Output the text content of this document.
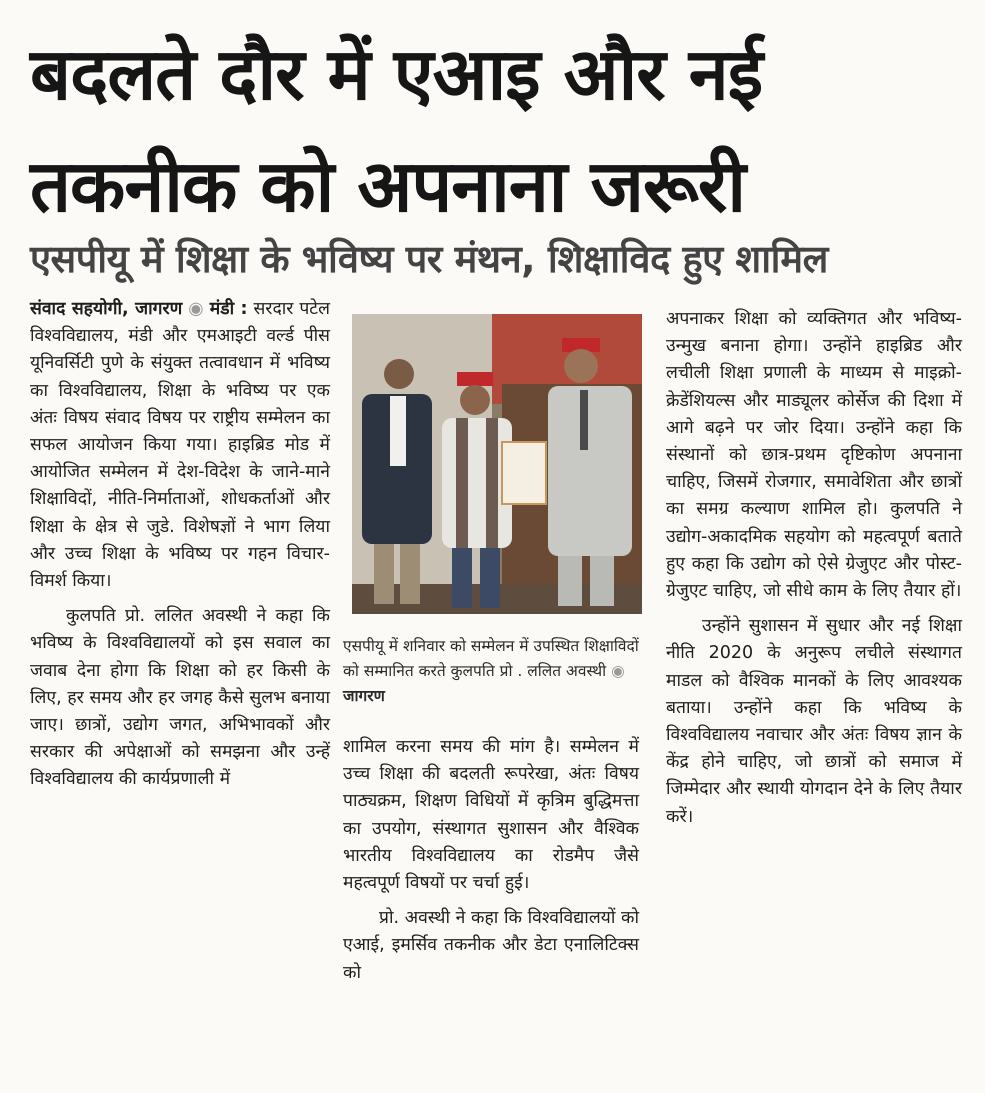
बदलते दौर में एआइ और नई
तकनीक को अपनाना जरूरी
एसपीयू में शिक्षा के भविष्य पर मंथन, शिक्षाविद हुए शामिल

संवाद सहयोगी, जागरण ◉ मंडी : सरदार पटेल विश्वविद्यालय, मंडी और एमआइटी वर्ल्ड पीस यूनिवर्सिटी पुणे के संयुक्त तत्वावधान में भविष्य का विश्वविद्यालय, शिक्षा के भविष्य पर एक अंतः विषय संवाद विषय पर राष्ट्रीय सम्मेलन का सफल आयोजन किया गया। हाइब्रिड मोड में आयोजित सम्मेलन में देश-विदेश के जाने-माने शिक्षाविदों, नीति-निर्माताओं, शोधकर्ताओं और शिक्षा के क्षेत्र से जुडे. विशेषज्ञों ने भाग लिया और उच्च शिक्षा के भविष्य पर गहन विचार-विमर्श किया।

कुलपति प्रो. ललित अवस्थी ने कहा कि भविष्य के विश्वविद्यालयों को इस सवाल का जवाब देना होगा कि शिक्षा को हर किसी के लिए, हर समय और हर जगह कैसे सुलभ बनाया जाए। छात्रों, उद्योग जगत, अभिभावकों और सरकार की अपेक्षाओं को समझना और उन्हें विश्वविद्यालय की कार्यप्रणाली में

एसपीयू में शनिवार को सम्मेलन में उपस्थित शिक्षाविदों को सम्मानित करते कुलपति प्रो . ललित अवस्थी ◉ जागरण

शामिल करना समय की मांग है। सम्मेलन में उच्च शिक्षा की बदलती रूपरेखा, अंतः विषय पाठ्यक्रम, शिक्षण विधियों में कृत्रिम बुद्धिमत्ता का उपयोग, संस्थागत सुशासन और वैश्विक भारतीय विश्वविद्यालय का रोडमैप जैसे महत्वपूर्ण विषयों पर चर्चा हुई।

प्रो. अवस्थी ने कहा कि विश्वविद्यालयों को एआई, इमर्सिव तकनीक और डेटा एनालिटिक्स को

अपनाकर शिक्षा को व्यक्तिगत और भविष्य-उन्मुख बनाना होगा। उन्होंने हाइब्रिड और लचीली शिक्षा प्रणाली के माध्यम से माइक्रो-क्रेडेंशियल्स और माड्यूलर कोर्सेज की दिशा में आगे बढ़ने पर जोर दिया। उन्होंने कहा कि संस्थानों को छात्र-प्रथम दृष्टिकोण अपनाना चाहिए, जिसमें रोजगार, समावेशिता और छात्रों का समग्र कल्याण शामिल हो। कुलपति ने उद्योग-अकादमिक सहयोग को महत्वपूर्ण बताते हुए कहा कि उद्योग को ऐसे ग्रेजुएट और पोस्ट-ग्रेजुएट चाहिए, जो सीधे काम के लिए तैयार हों।

उन्होंने सुशासन में सुधार और नई शिक्षा नीति 2020 के अनुरूप लचीले संस्थागत माडल को वैश्विक मानकों के लिए आवश्यक बताया। उन्होंने कहा कि भविष्य के विश्वविद्यालय नवाचार और अंतः विषय ज्ञान के केंद्र होने चाहिए, जो छात्रों को समाज में जिम्मेदार और स्थायी योगदान देने के लिए तैयार करें।
